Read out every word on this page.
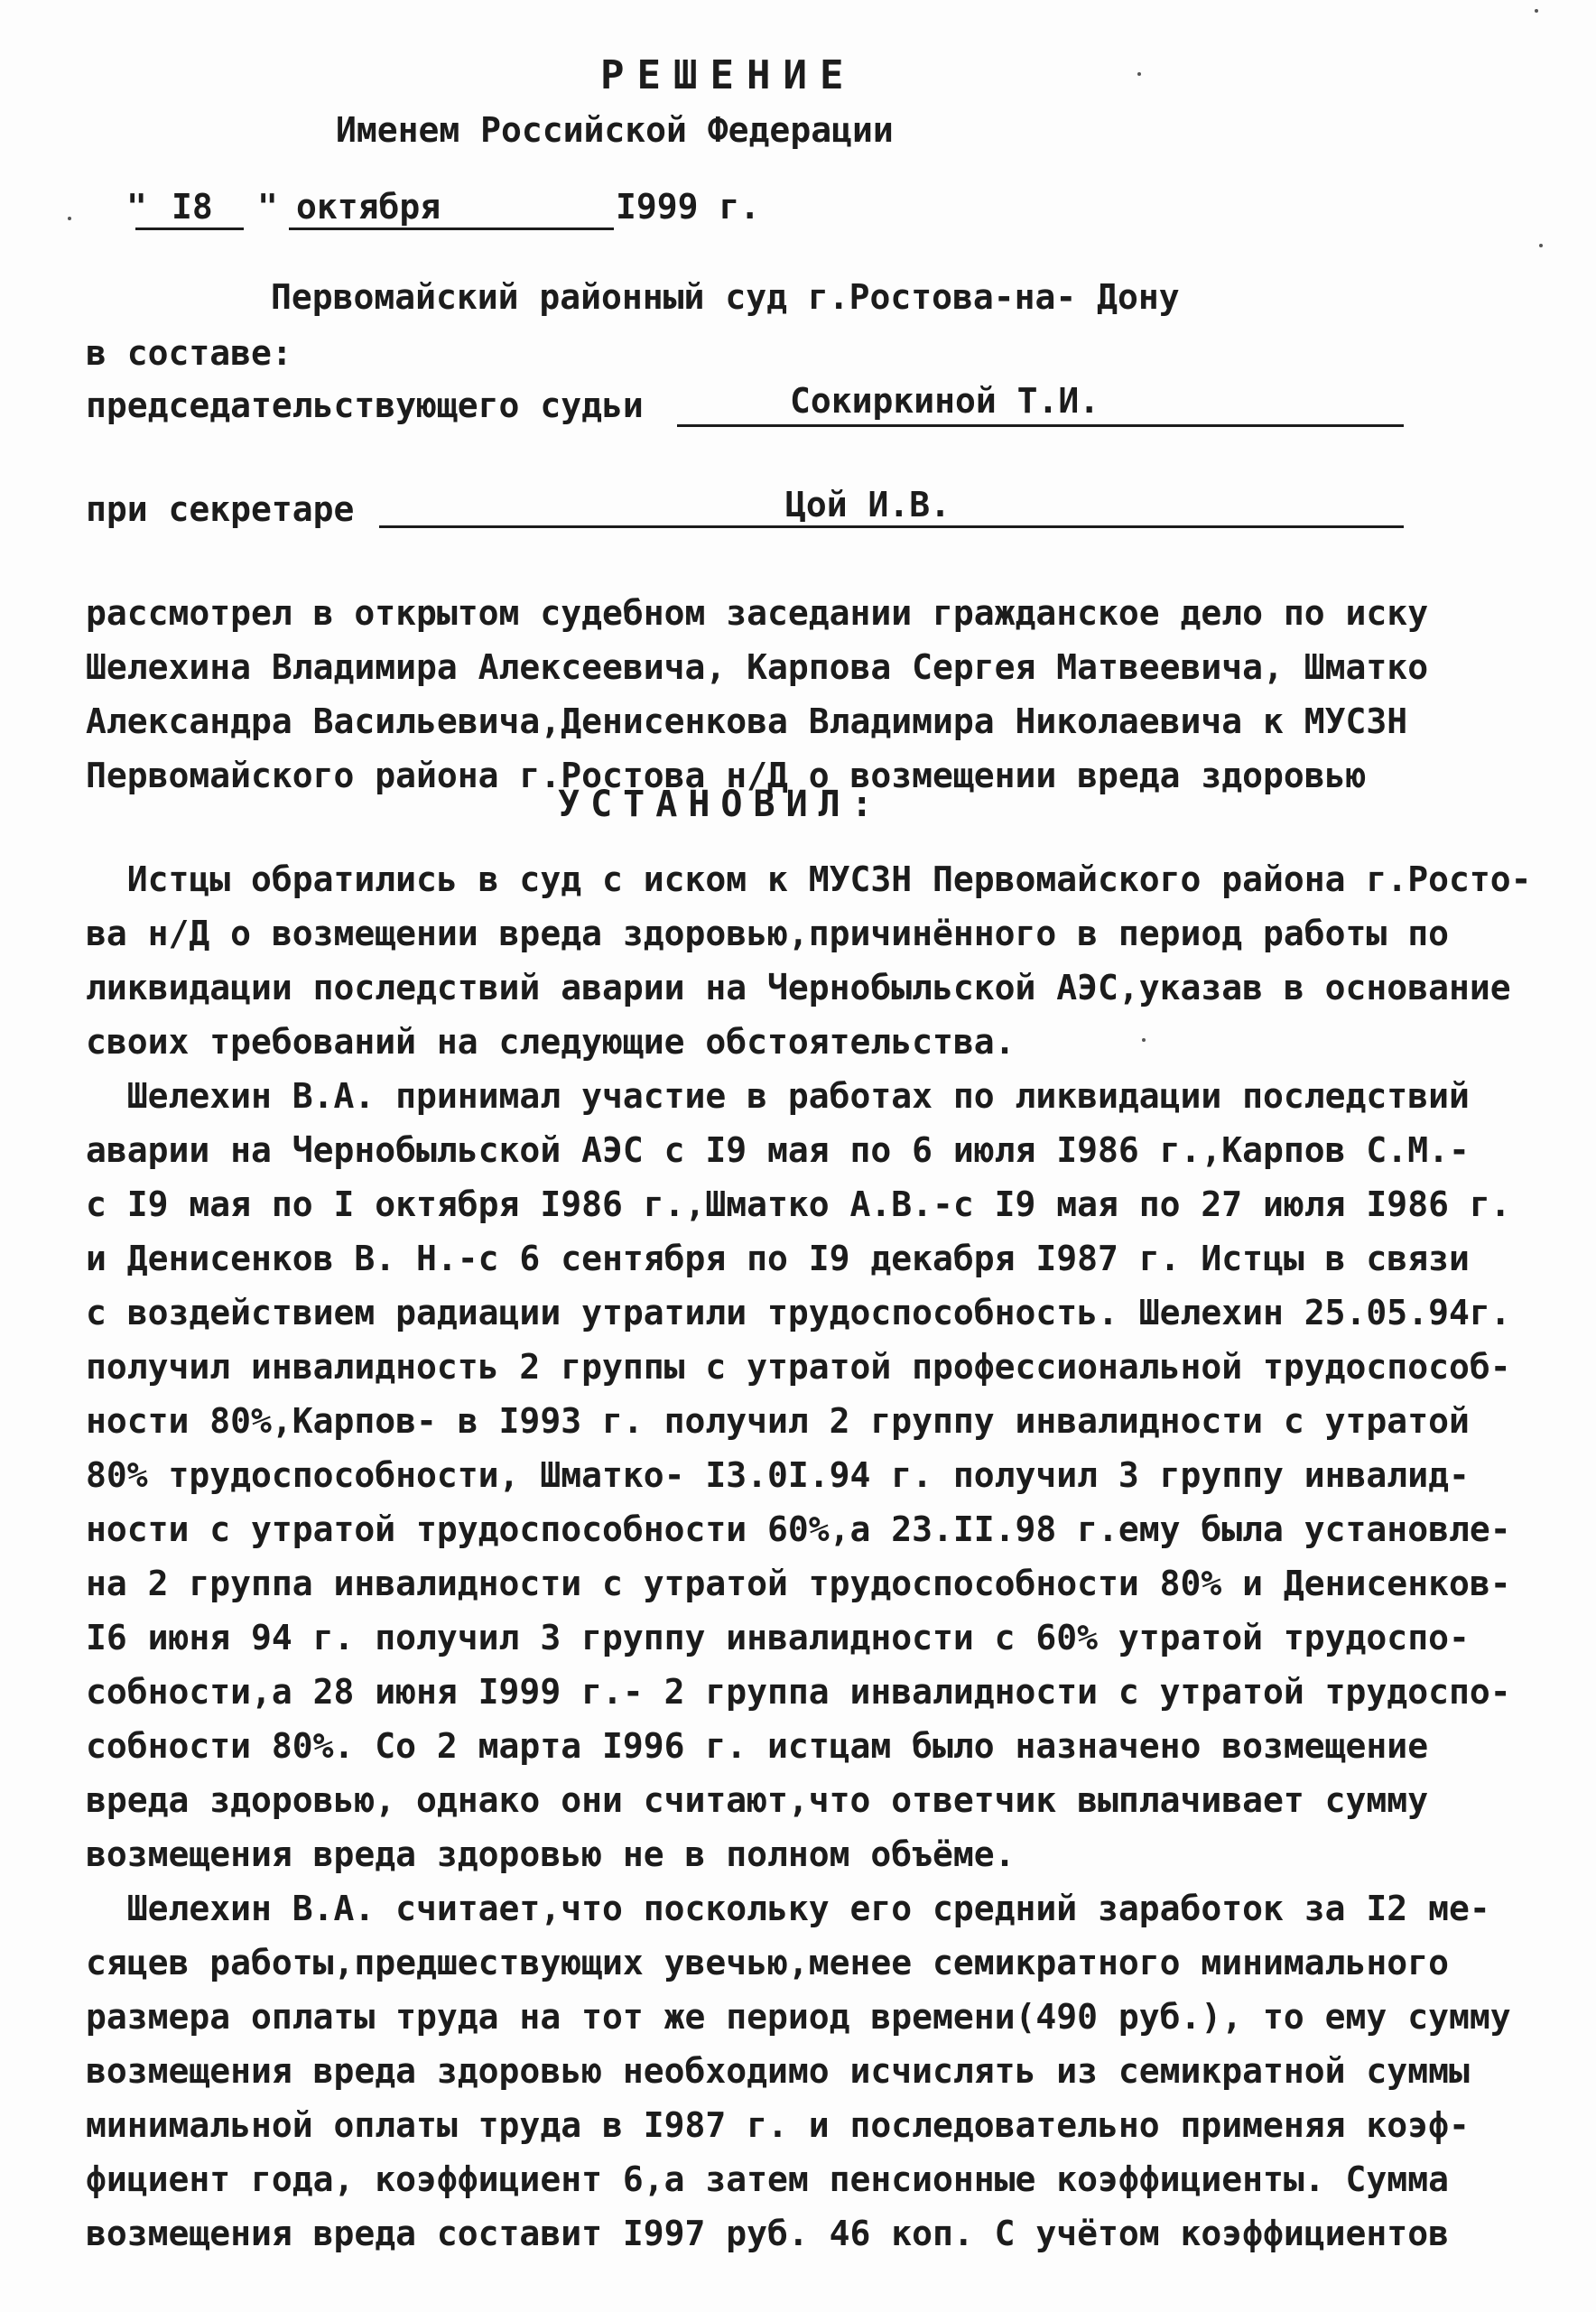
РЕШЕНИЕ
Именем Российской Федерации
" I8 " октября	I999 г.
Первомайский районный суд г.Ростова-на- Дону
в составе:
председательствующего судьи	Сокиркиной Т.И.
при секретаре	Цой И.В.
рассмотрел в открытом судебном заседании гражданское дело по иску
Шелехина Владимира Алексеевича, Карпова Сергея Матвеевича, Шматко
Александра Васильевича,Денисенкова Владимира Николаевича к МУСЗН
Первомайского района г.Ростова н/Д о возмещении вреда здоровью
УСТАНОВИЛ:
Истцы обратились в суд с иском к МУСЗН Первомайского района г.Росто-
ва н/Д о возмещении вреда здоровью,причинённого в период работы по
ликвидации последствий аварии на Чернобыльской АЭС,указав в основание
своих требований на следующие обстоятельства.
Шелехин В.А. принимал участие в работах по ликвидации последствий
аварии на Чернобыльской АЭС с I9 мая по 6 июля I986 г.,Карпов С.М.-
с I9 мая по I октября I986 г.,Шматко А.В.-с I9 мая по 27 июля I986 г.
и Денисенков В. Н.-с 6 сентября по I9 декабря I987 г. Истцы в связи
с воздействием радиации утратили трудоспособность. Шелехин 25.05.94г.
получил инвалидность 2 группы с утратой профессиональной трудоспособ-
ности 80%,Карпов- в I993 г. получил 2 группу инвалидности с утратой
80% трудоспособности, Шматко- I3.0I.94 г. получил 3 группу инвалид-
ности с утратой трудоспособности 60%,а 23.II.98 г.ему была установле-
на 2 группа инвалидности с утратой трудоспособности 80% и Денисенков-
I6 июня 94 г. получил 3 группу инвалидности с 60% утратой трудоспо-
собности,а 28 июня I999 г.- 2 группа инвалидности с утратой трудоспо-
собности 80%. Со 2 марта I996 г. истцам было назначено возмещение
вреда здоровью, однако они считают,что ответчик выплачивает сумму
возмещения вреда здоровью не в полном объёме.
Шелехин В.А. считает,что поскольку его средний заработок за I2 ме-
сяцев работы,предшествующих увечью,менее семикратного минимального
размера оплаты труда на тот же период времени(490 руб.), то ему сумму
возмещения вреда здоровью необходимо исчислять из семикратной суммы
минимальной оплаты труда в I987 г. и последовательно применяя коэф-
фициент года, коэффициент 6,а затем пенсионные коэффициенты. Сумма
возмещения вреда составит I997 руб. 46 коп. С учётом коэффициентов
